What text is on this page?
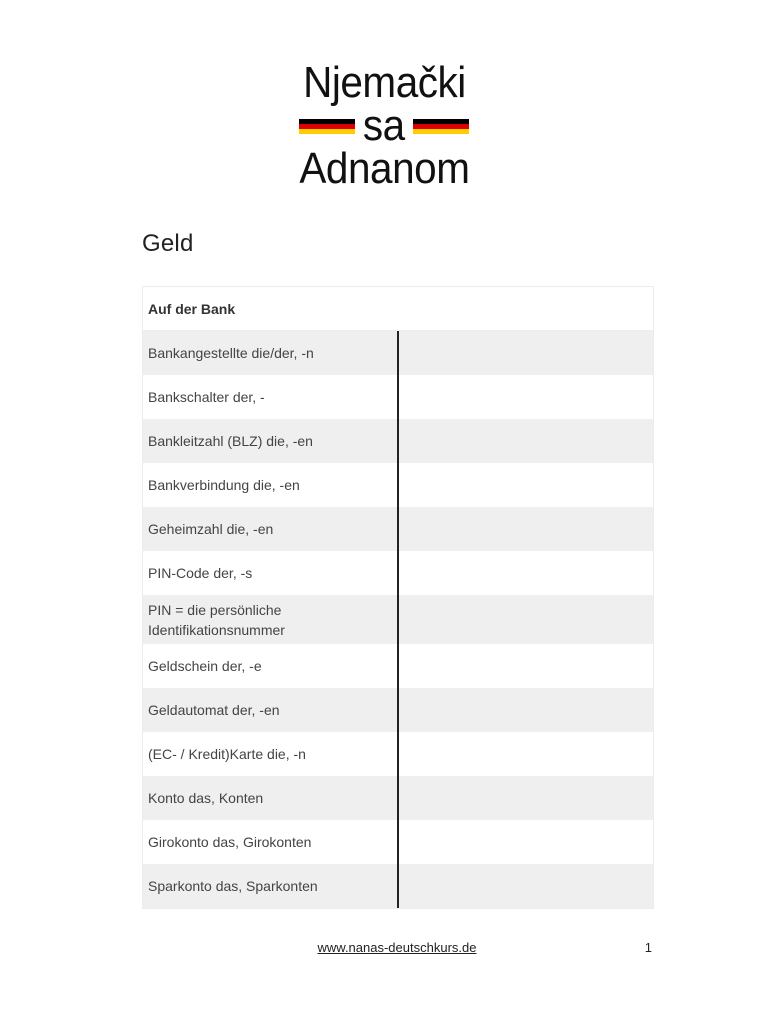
Njemački
sa
Adnanom
Geld
Auf der Bank
Bankangestellte die/der, -n
Bankschalter der, -
Bankleitzahl (BLZ) die, -en
Bankverbindung die, -en
Geheimzahl die, -en
PIN-Code der, -s
PIN = die persönliche Identifikationsnummer
Geldschein der, -e
Geldautomat der, -en
(EC- / Kredit)Karte die, -n
Konto das, Konten
Girokonto das, Girokonten
Sparkonto das, Sparkonten
www.nanas-deutschkurs.de	1
